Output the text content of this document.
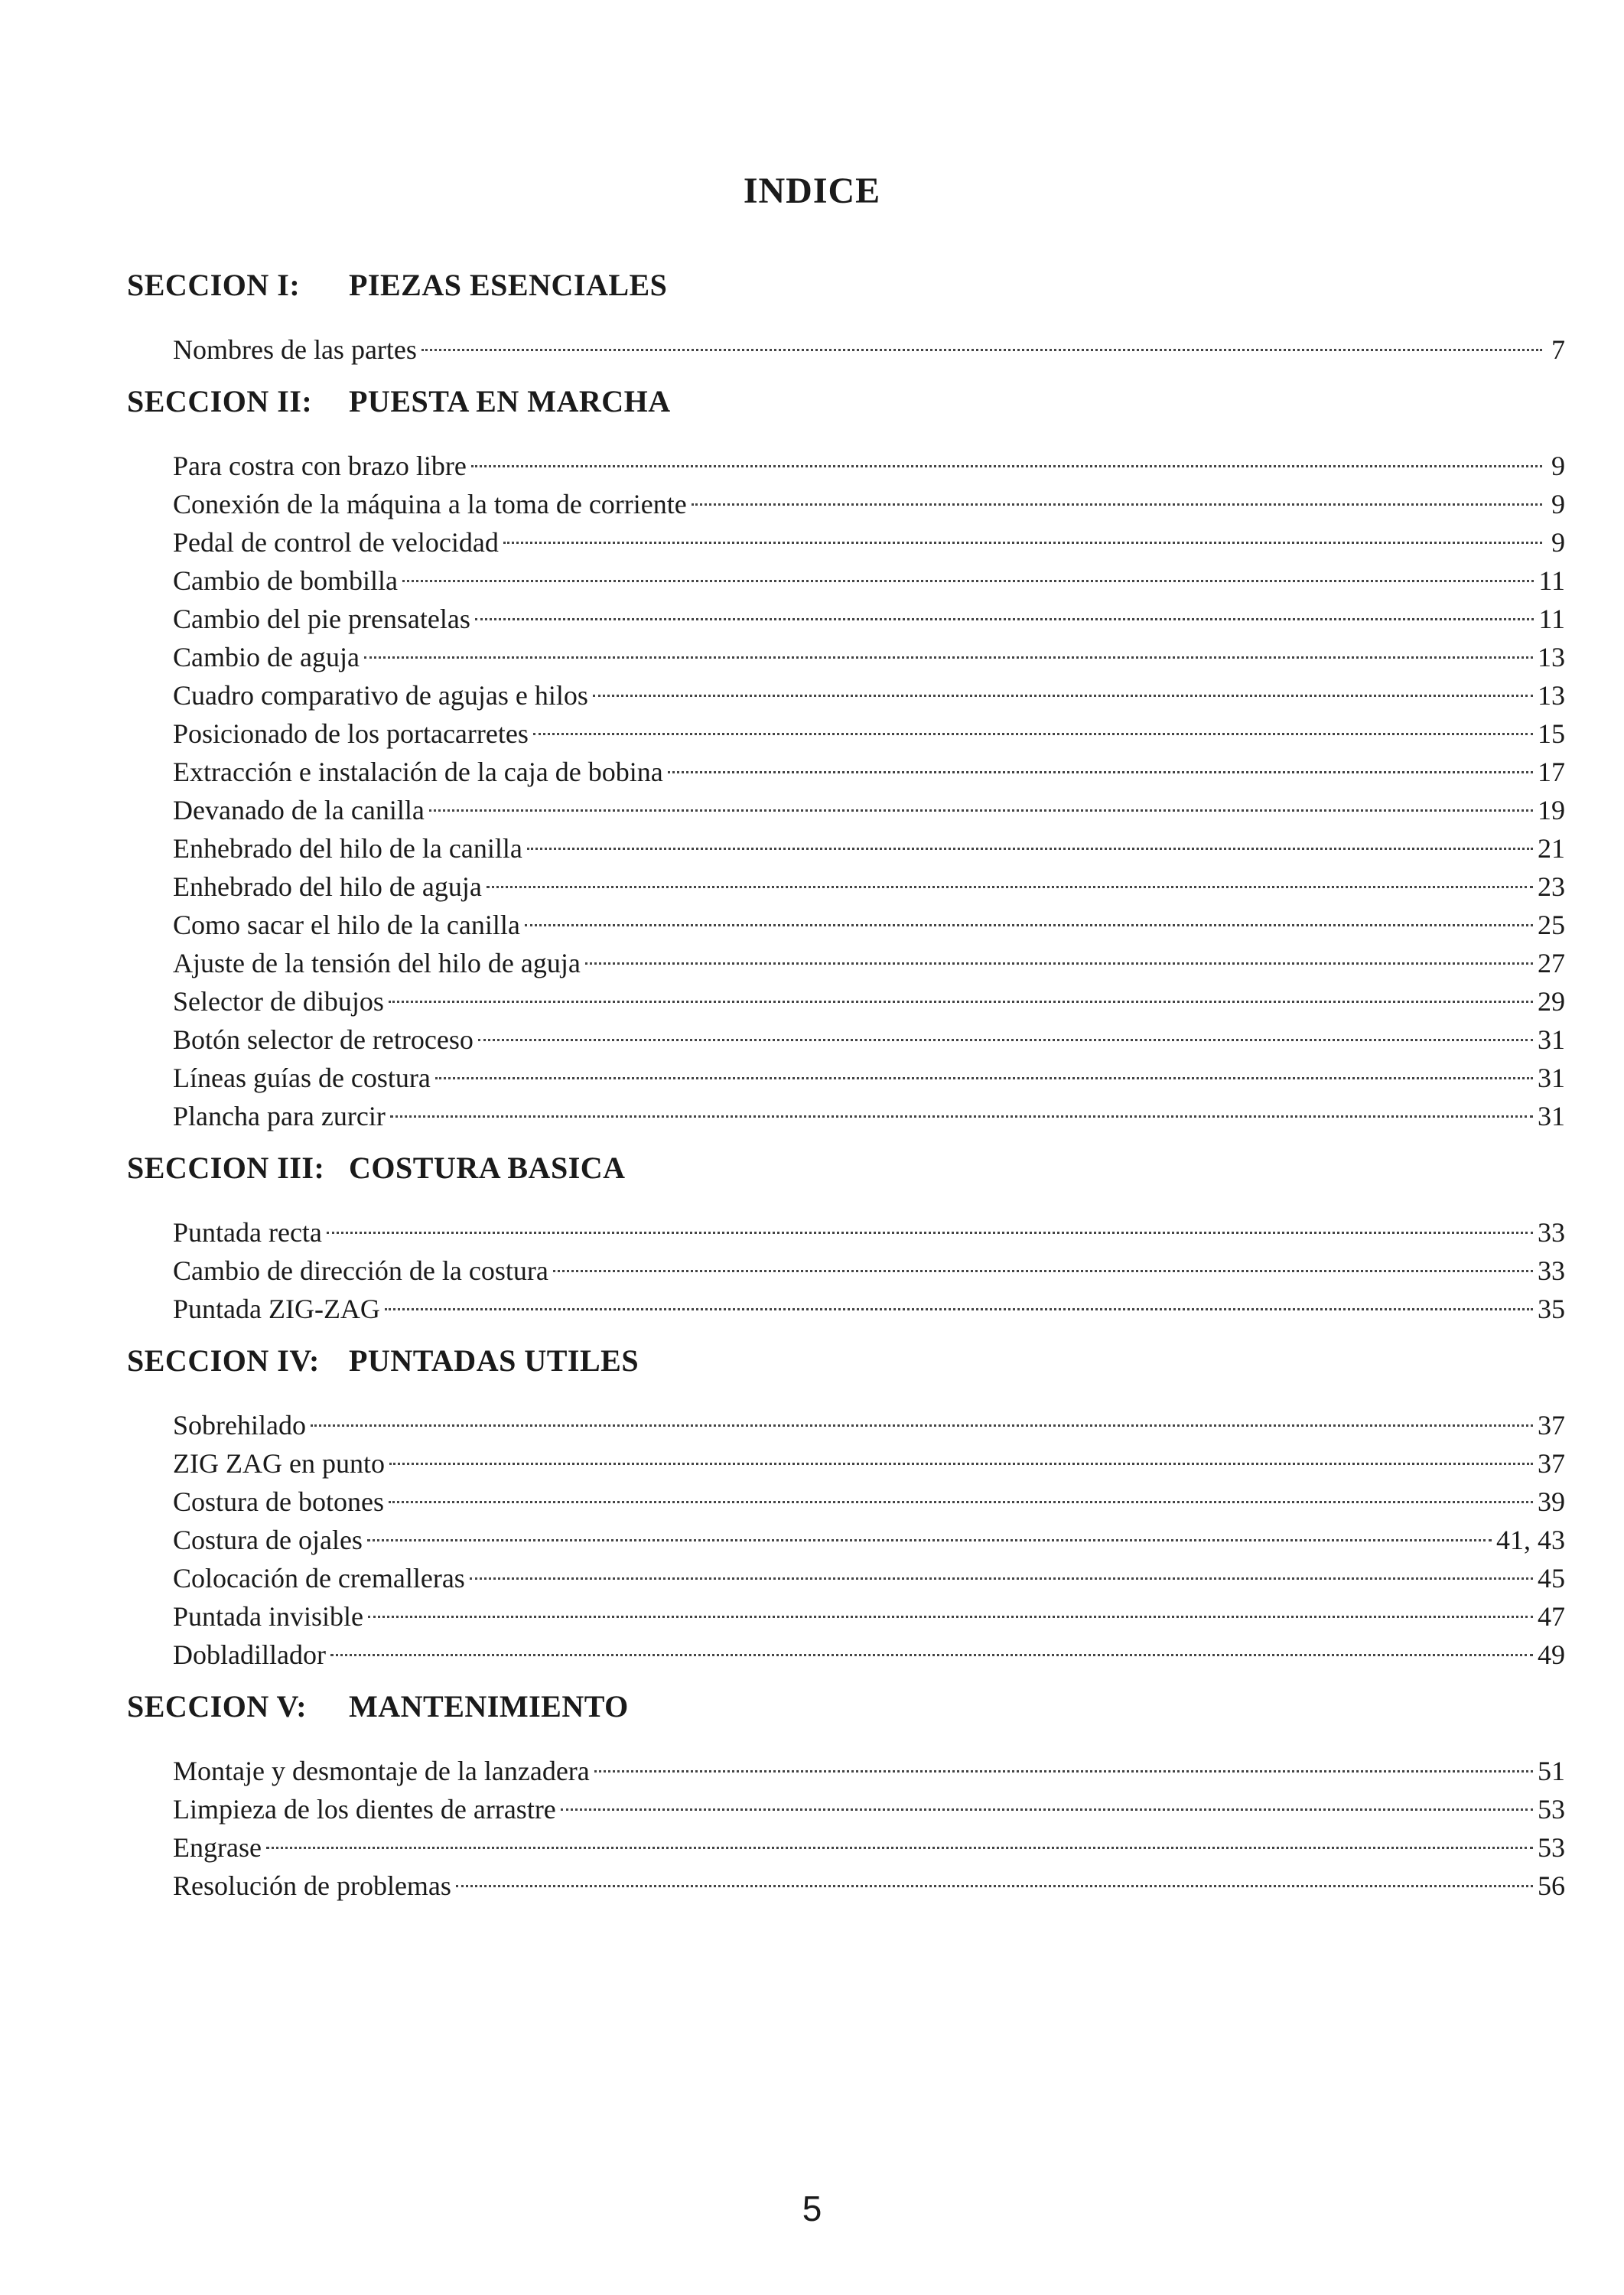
INDICE
SECCION I:	PIEZAS ESENCIALES
Nombres de las partes	7
SECCION II:	PUESTA EN MARCHA
Para costra con brazo libre	9
Conexión de la máquina a la toma de corriente	9
Pedal de control de velocidad	9
Cambio de bombilla	11
Cambio del pie prensatelas	11
Cambio de aguja	13
Cuadro comparativo de agujas e hilos	13
Posicionado de los portacarretes	15
Extracción e instalación de la caja de bobina	17
Devanado de la canilla	19
Enhebrado del hilo de la canilla	21
Enhebrado del hilo de aguja	23
Como sacar el hilo de la canilla	25
Ajuste de la tensión del hilo de aguja	27
Selector de dibujos	29
Botón selector de retroceso	31
Líneas guías de costura	31
Plancha para zurcir	31
SECCION III: COSTURA BASICA
Puntada recta	33
Cambio de dirección de la costura	33
Puntada ZIG-ZAG	35
SECCION IV: PUNTADAS UTILES
Sobrehilado	37
ZIG ZAG en punto	37
Costura de botones	39
Costura de ojales	41, 43
Colocación de cremalleras	45
Puntada invisible	47
Dobladillador	49
SECCION V:	MANTENIMIENTO
Montaje y desmontaje de la lanzadera	51
Limpieza de los dientes de arrastre	53
Engrase	53
Resolución de problemas	56
5
